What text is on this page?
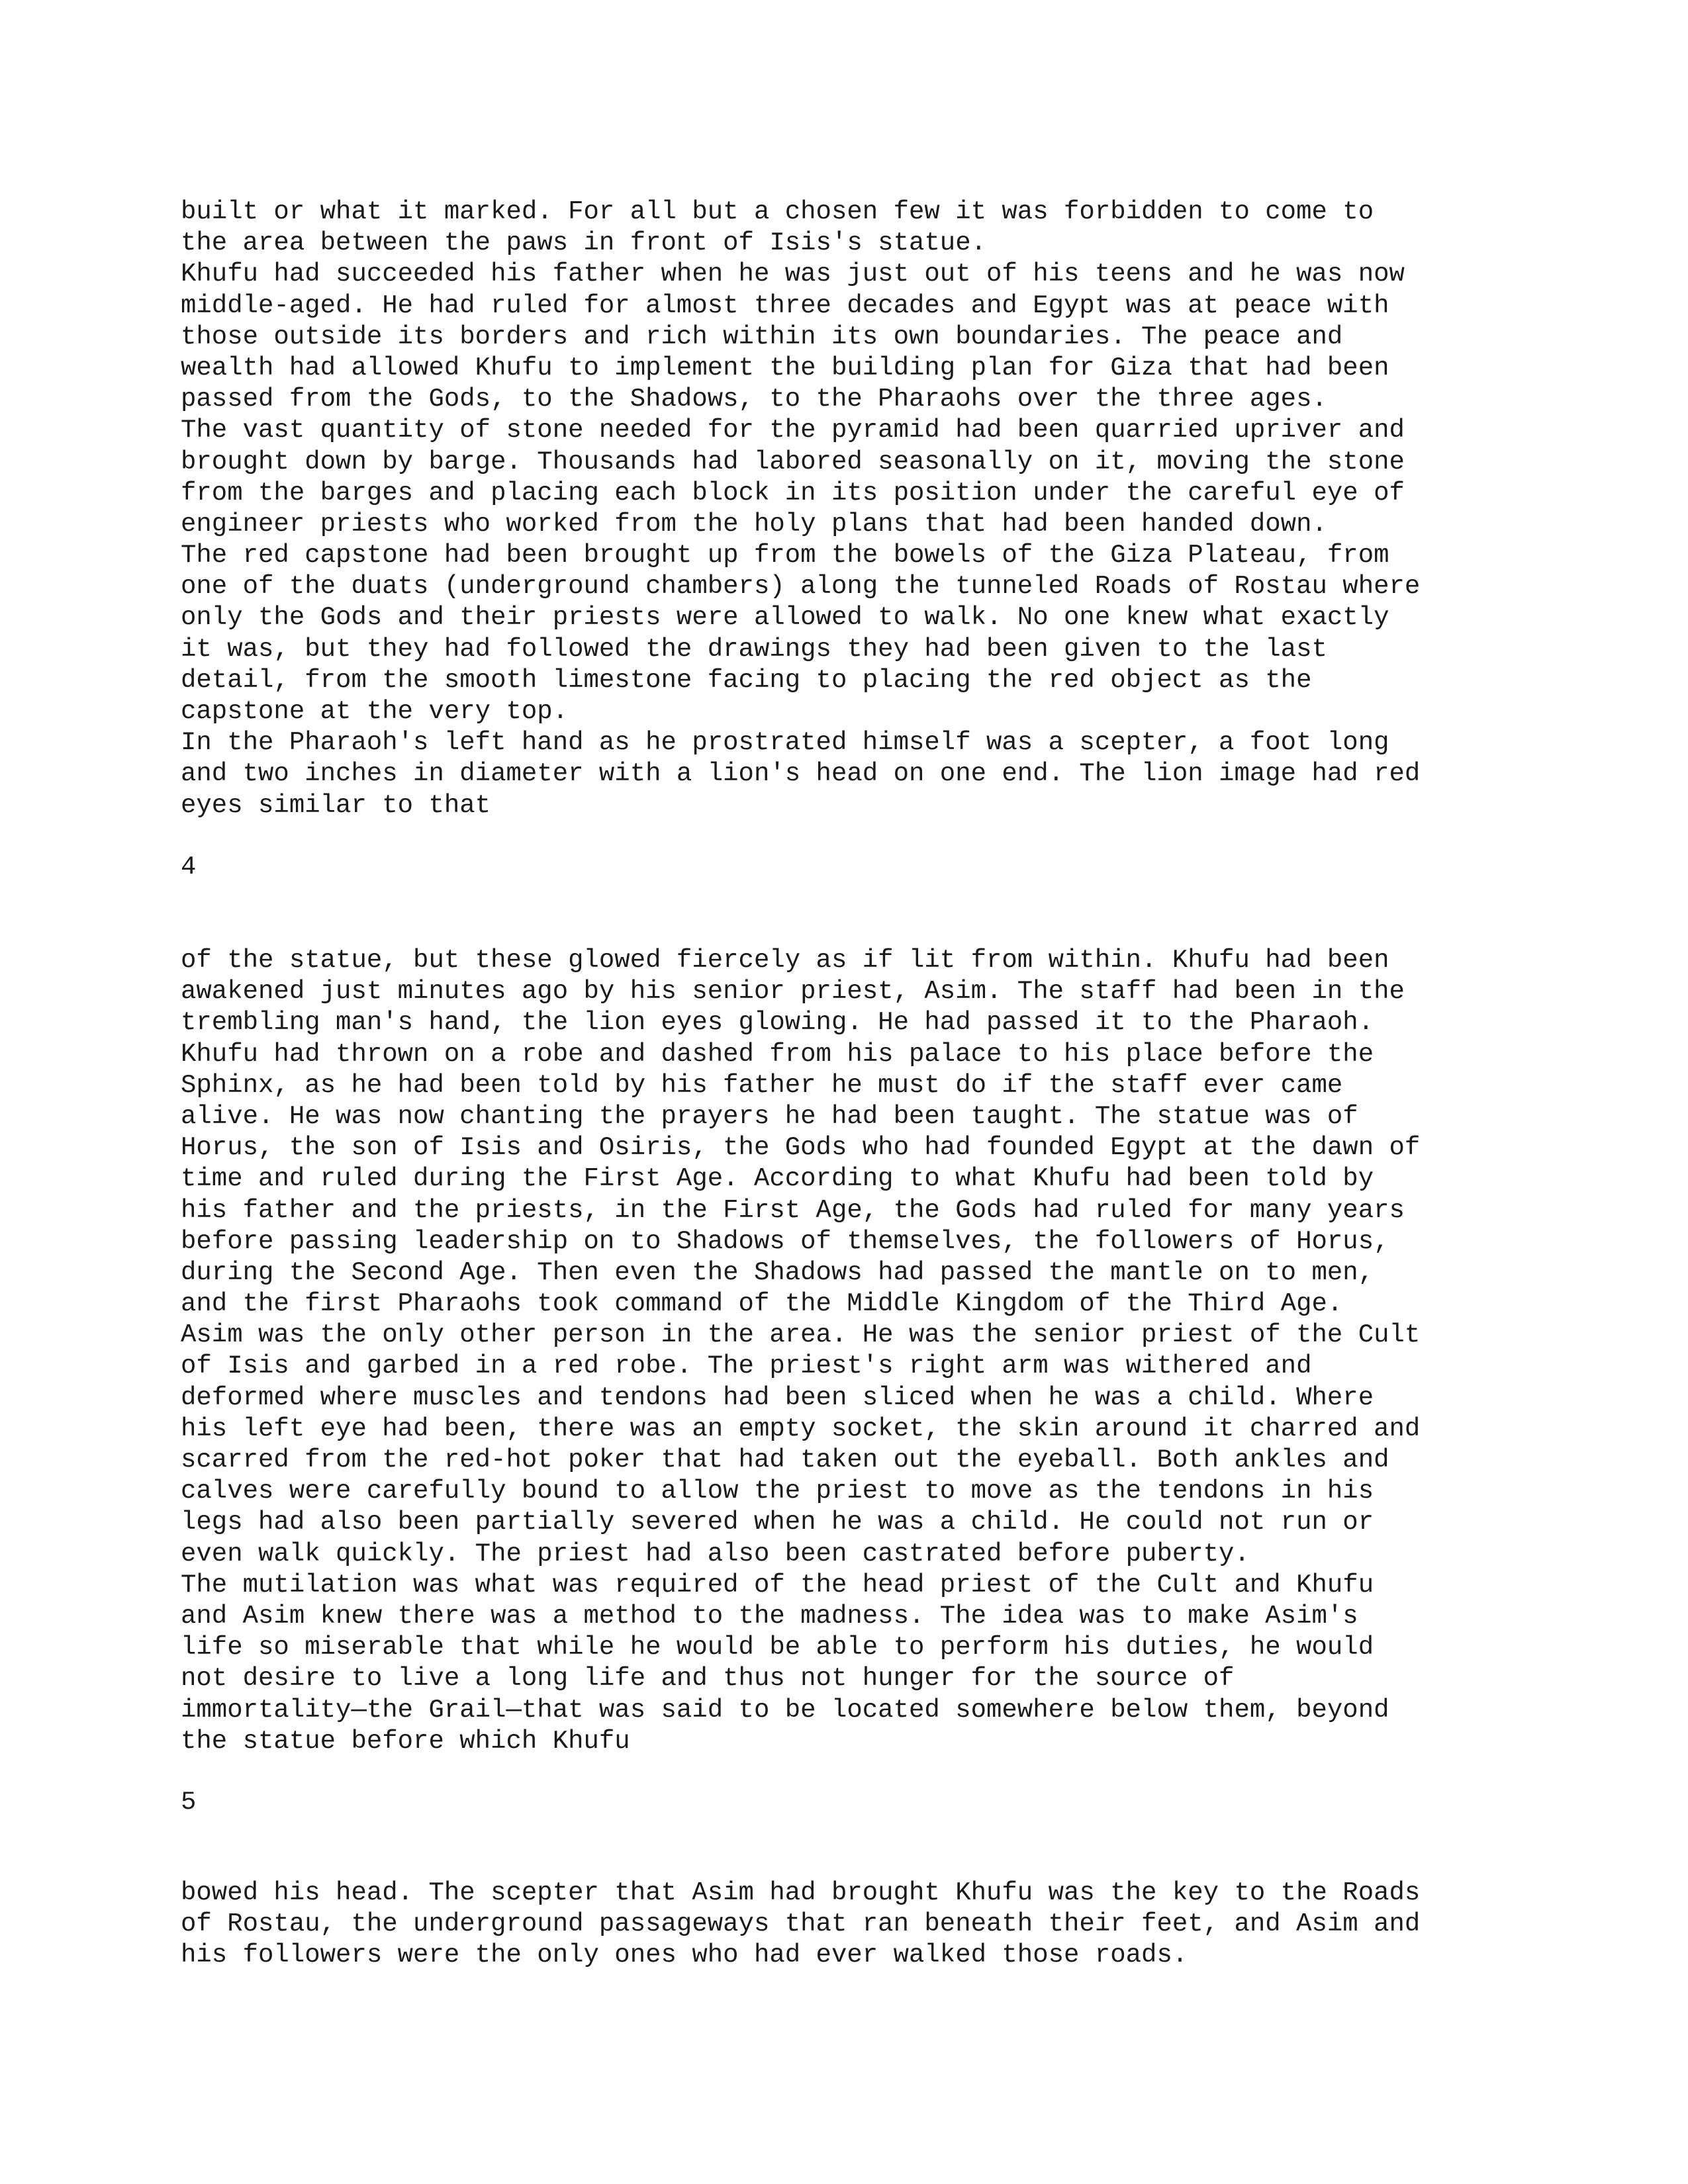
built or what it marked. For all but a chosen few it was forbidden to come to
the area between the paws in front of Isis's statue.
Khufu had succeeded his father when he was just out of his teens and he was now
middle-aged. He had ruled for almost three decades and Egypt was at peace with
those outside its borders and rich within its own boundaries. The peace and
wealth had allowed Khufu to implement the building plan for Giza that had been
passed from the Gods, to the Shadows, to the Pharaohs over the three ages.
The vast quantity of stone needed for the pyramid had been quarried upriver and
brought down by barge. Thousands had labored seasonally on it, moving the stone
from the barges and placing each block in its position under the careful eye of
engineer priests who worked from the holy plans that had been handed down.
The red capstone had been brought up from the bowels of the Giza Plateau, from
one of the duats (underground chambers) along the tunneled Roads of Rostau where
only the Gods and their priests were allowed to walk. No one knew what exactly
it was, but they had followed the drawings they had been given to the last
detail, from the smooth limestone facing to placing the red object as the
capstone at the very top.
In the Pharaoh's left hand as he prostrated himself was a scepter, a foot long
and two inches in diameter with a lion's head on one end. The lion image had red
eyes similar to that
4
of the statue, but these glowed fiercely as if lit from within. Khufu had been
awakened just minutes ago by his senior priest, Asim. The staff had been in the
trembling man's hand, the lion eyes glowing. He had passed it to the Pharaoh.
Khufu had thrown on a robe and dashed from his palace to his place before the
Sphinx, as he had been told by his father he must do if the staff ever came
alive. He was now chanting the prayers he had been taught. The statue was of
Horus, the son of Isis and Osiris, the Gods who had founded Egypt at the dawn of
time and ruled during the First Age. According to what Khufu had been told by
his father and the priests, in the First Age, the Gods had ruled for many years
before passing leadership on to Shadows of themselves, the followers of Horus,
during the Second Age. Then even the Shadows had passed the mantle on to men,
and the first Pharaohs took command of the Middle Kingdom of the Third Age.
Asim was the only other person in the area. He was the senior priest of the Cult
of Isis and garbed in a red robe. The priest's right arm was withered and
deformed where muscles and tendons had been sliced when he was a child. Where
his left eye had been, there was an empty socket, the skin around it charred and
scarred from the red-hot poker that had taken out the eyeball. Both ankles and
calves were carefully bound to allow the priest to move as the tendons in his
legs had also been partially severed when he was a child. He could not run or
even walk quickly. The priest had also been castrated before puberty.
The mutilation was what was required of the head priest of the Cult and Khufu
and Asim knew there was a method to the madness. The idea was to make Asim's
life so miserable that while he would be able to perform his duties, he would
not desire to live a long life and thus not hunger for the source of
immortality—the Grail—that was said to be located somewhere below them, beyond
the statue before which Khufu
5
bowed his head. The scepter that Asim had brought Khufu was the key to the Roads
of Rostau, the underground passageways that ran beneath their feet, and Asim and
his followers were the only ones who had ever walked those roads.
